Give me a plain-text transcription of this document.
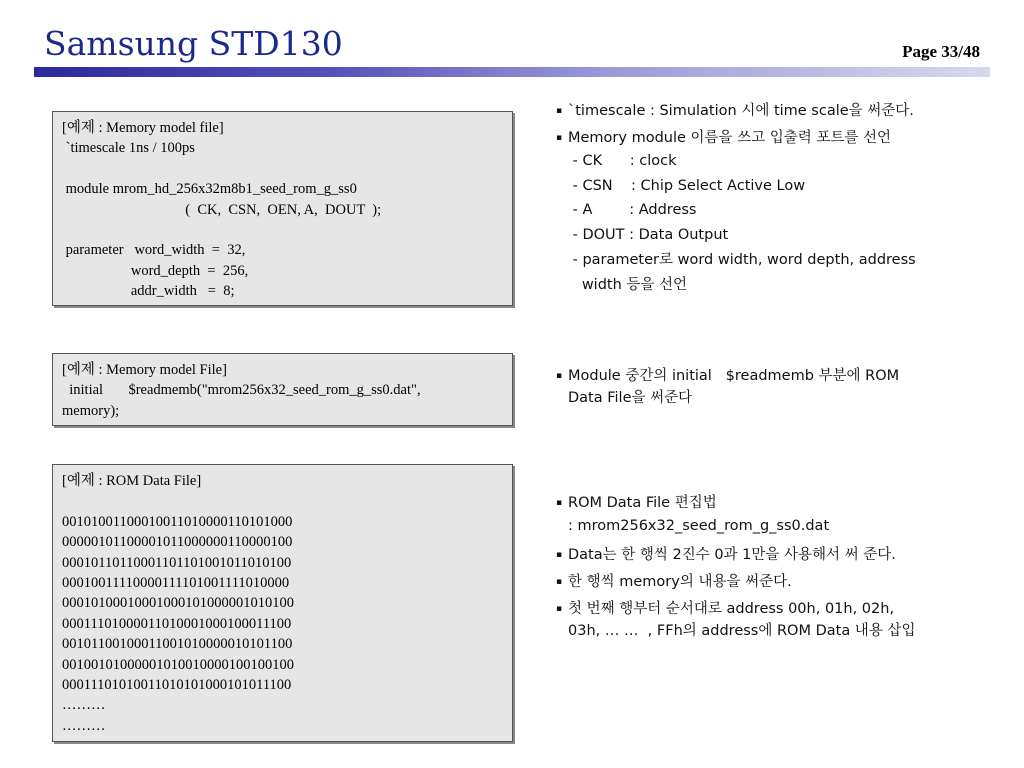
Samsung STD130	Page 33/48
[예제 : Memory model file]
`timescale 1ns / 100ps
module mrom_hd_256x32m8b1_seed_rom_g_ss0
(  CK,  CSN,  OEN, A,  DOUT  );
parameter   word_width  =  32,
word_depth  =  256,
addr_width   =  8;
[예제 : Memory model File]
initial       $readmemb("mrom256x32_seed_rom_g_ss0.dat",
memory);
[예제 : ROM Data File]
00101001100010011010000110101000
00000101100001011000000110000100
00010110110001101101001011010100
00010011110000111101001111010000
00010100010001000101000001010100
00011101000011010001000100011100
00101100100011001010000010101100
00100101000001010010000100100100
00011101010011010101000101011100
………
………
▪ `timescale : Simulation 시에 time scale을 써준다.
▪ Memory module 이름을 쓰고 입출력 포트를 선언
- CK      : clock
- CSN    : Chip Select Active Low
- A        : Address
- DOUT : Data Output
- parameter로 word width, word depth, address
width 등을 선언
▪ Module 중간의 initial   $readmemb 부분에 ROM
Data File을 써준다
▪ ROM Data File 편집법
: mrom256x32_seed_rom_g_ss0.dat
▪ Data는 한 행씩 2진수 0과 1만을 사용해서 써 준다.
▪ 한 행씩 memory의 내용을 써준다.
▪ 첫 번째 행부터 순서대로 address 00h, 01h, 02h,
03h, … …  , FFh의 address에 ROM Data 내용 삽입
